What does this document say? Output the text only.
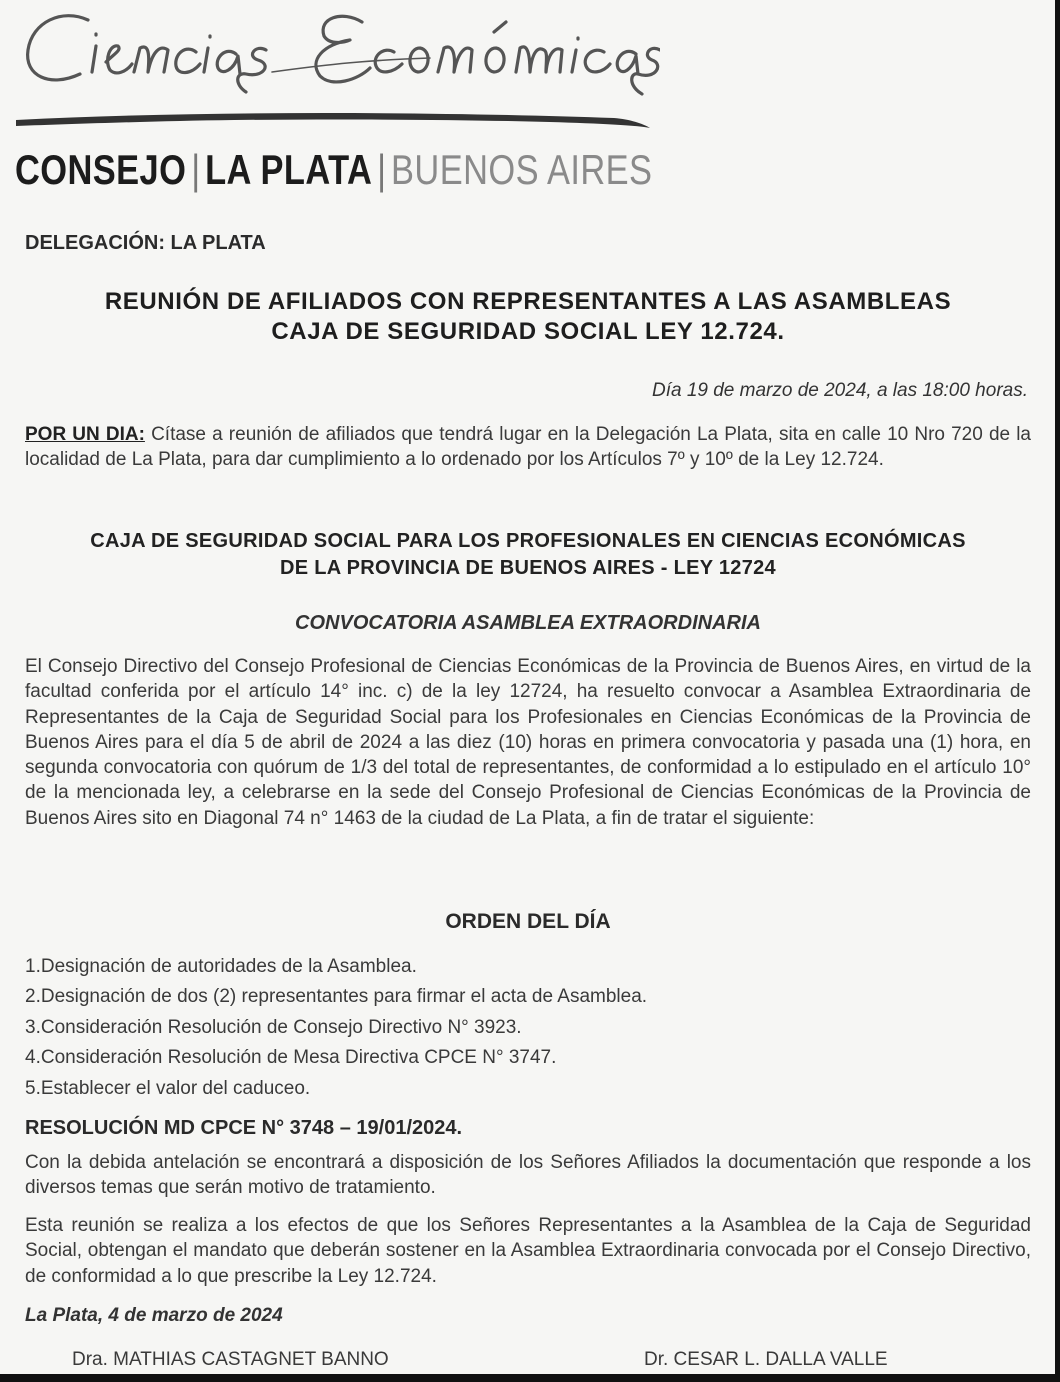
CONSEJO | LA PLATA | BUENOS AIRES
DELEGACIÓN: LA PLATA
REUNIÓN DE AFILIADOS CON REPRESENTANTES A LAS ASAMBLEAS
CAJA DE SEGURIDAD SOCIAL LEY 12.724.
Día 19 de marzo de 2024, a las 18:00 horas.
POR UN DIA: Cítase a reunión de afiliados que tendrá lugar en la Delegación La Plata, sita en calle 10 Nro 720 de la localidad de La Plata, para dar cumplimiento a lo ordenado por los Artículos 7º y 10º de la Ley 12.724.
CAJA DE SEGURIDAD SOCIAL PARA LOS PROFESIONALES EN CIENCIAS ECONÓMICAS
DE LA PROVINCIA DE BUENOS AIRES - LEY 12724
CONVOCATORIA ASAMBLEA EXTRAORDINARIA
El Consejo Directivo del Consejo Profesional de Ciencias Económicas de la Provincia de Buenos Aires, en virtud de la facultad conferida por el artículo 14° inc. c) de la ley 12724, ha resuelto convocar a Asamblea Extraordinaria de Representantes de la Caja de Seguridad Social para los Profesionales en Ciencias Económicas de la Provincia de Buenos Aires para el día 5 de abril de 2024 a las diez (10) horas en primera convocatoria y pasada una (1) hora, en segunda convocatoria con quórum de 1/3 del total de representantes, de conformidad a lo estipulado en el artículo 10° de la mencionada ley, a celebrarse en la sede del Consejo Profesional de Ciencias Económicas de la Provincia de Buenos Aires sito en Diagonal 74 n° 1463 de la ciudad de La Plata, a fin de tratar el siguiente:
ORDEN DEL DÍA
1.Designación de autoridades de la Asamblea.
2.Designación de dos (2) representantes para firmar el acta de Asamblea.
3.Consideración Resolución de Consejo Directivo N° 3923.
4.Consideración Resolución de Mesa Directiva CPCE N° 3747.
5.Establecer el valor del caduceo.
RESOLUCIÓN MD CPCE N° 3748 – 19/01/2024.
Con la debida antelación se encontrará a disposición de los Señores Afiliados la documentación que responde a los diversos temas que serán motivo de tratamiento.
Esta reunión se realiza a los efectos de que los Señores Representantes a la Asamblea de la Caja de Seguridad Social, obtengan el mandato que deberán sostener en la Asamblea Extraordinaria convocada por el Consejo Directivo, de conformidad a lo que prescribe la Ley 12.724.
La Plata, 4 de marzo de 2024
Dra. MATHIAS CASTAGNET BANNO	Dr. CESAR L. DALLA VALLE
